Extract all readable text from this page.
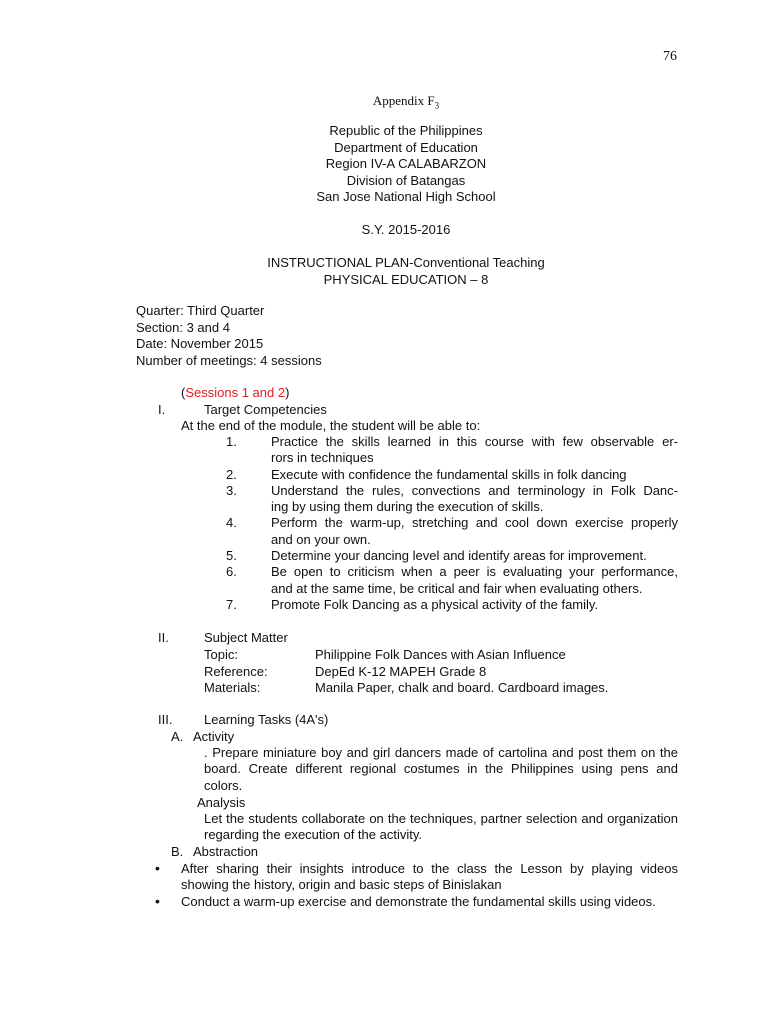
76
Appendix $F_3$
Republic of the Philippines
Department of Education
Region IV-A CALABARZON
Division of Batangas
San Jose National High School
S.Y. 2015-2016
INSTRUCTIONAL PLAN-Conventional Teaching
PHYSICAL EDUCATION – 8
Quarter: Third Quarter
Section: 3 and 4
Date: November 2015
Number of meetings: 4 sessions
(Sessions 1 and 2)
I.	Target Competencies
At the end of the module, the student will be able to:
1.	Practice the skills learned in this course with few observable er-
rors in techniques
2.	Execute with confidence the fundamental skills in folk dancing
3.	Understand the rules, convections and terminology in Folk Danc-
ing by using them during the execution of skills.
4.	Perform the warm-up, stretching and cool down exercise properly
and on your own.
5.	Determine your dancing level and identify areas for improvement.
6.	Be open to criticism when a peer is evaluating your performance,
and at the same time, be critical and fair when evaluating others.
7.	Promote Folk Dancing as a physical activity of the family.
II.	Subject Matter
Topic:	Philippine Folk Dances with Asian Influence
Reference:	DepEd K-12 MAPEH Grade 8
Materials:	Manila Paper, chalk and board. Cardboard images.
III. Learning Tasks (4A's)
A. Activity
. Prepare miniature boy and girl dancers made of cartolina and post them on the board. Create different regional costumes in the Philippines using pens and colors.
Analysis
Let the students collaborate on the techniques, partner selection and organization regarding the execution of the activity.
B. Abstraction
• After sharing their insights introduce to the class the Lesson by playing videos showing the history, origin and basic steps of Binislakan
• Conduct a warm-up exercise and demonstrate the fundamental skills using videos.
